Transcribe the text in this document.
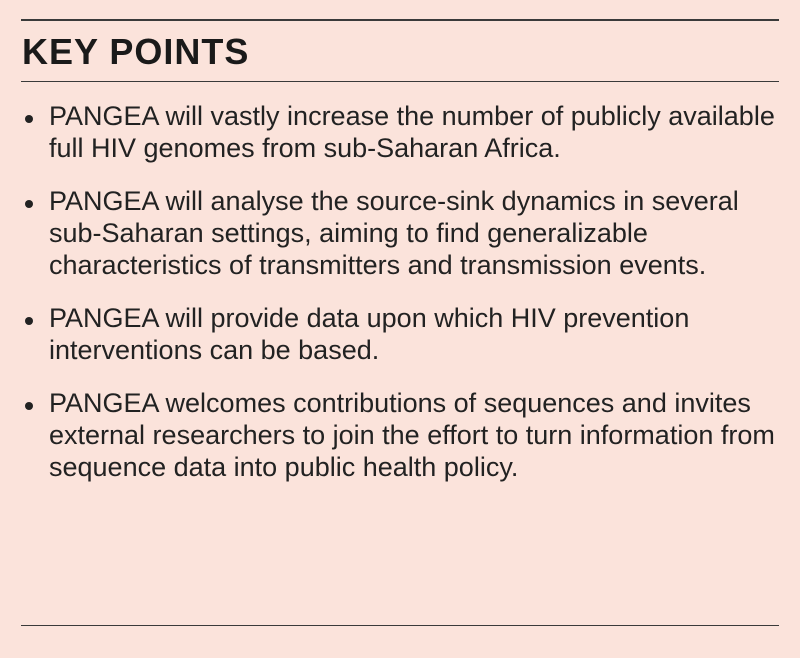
KEY POINTS
PANGEA will vastly increase the number of publicly available full HIV genomes from sub-Saharan Africa.
PANGEA will analyse the source-sink dynamics in several sub-Saharan settings, aiming to find generalizable characteristics of transmitters and transmission events.
PANGEA will provide data upon which HIV prevention interventions can be based.
PANGEA welcomes contributions of sequences and invites external researchers to join the effort to turn information from sequence data into public health policy.
